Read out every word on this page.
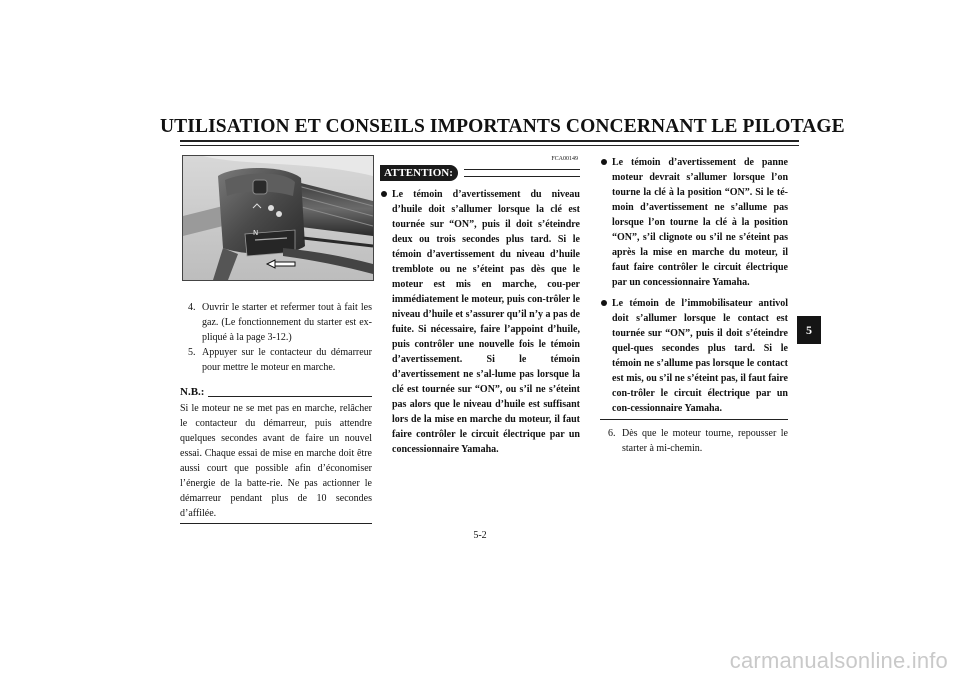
UTILISATION ET CONSEILS IMPORTANTS CONCERNANT LE PILOTAGE
5
N

4. Ouvrir le starter et refermer tout à fait les gaz. (Le fonctionnement du starter est ex-pliqué à la page 3-12.)

5. Appuyer sur le contacteur du démarreur pour mettre le moteur en marche.

N.B.:

Si le moteur ne se met pas en marche, relâcher le contacteur du démarreur, puis attendre quelques secondes avant de faire un nouvel essai. Chaque essai de mise en marche doit être aussi court que possible afin d’économiser l’énergie de la batte-rie. Ne pas actionner le démarreur pendant plus de 10 secondes d’affilée.

FCA00149
ATTENTION:

Le témoin d’avertissement du niveau d’huile doit s’allumer lorsque la clé est tournée sur “ON”, puis il doit s’éteindre deux ou trois secondes plus tard. Si le témoin d’avertissement du niveau d’huile tremblote ou ne s’éteint pas dès que le moteur est mis en marche, cou-per immédiatement le moteur, puis con-trôler le niveau d’huile et s’assurer qu’il n’y a pas de fuite. Si nécessaire, faire l’appoint d’huile, puis contrôler une nouvelle fois le témoin d’avertissement. Si le témoin d’avertissement ne s’al-lume pas lorsque la clé est tournée sur “ON”, ou s’il ne s’éteint pas alors que le niveau d’huile est suffisant lors de la mise en marche du moteur, il faut faire contrôler le circuit électrique par un concessionnaire Yamaha.

Le témoin d’avertissement de panne moteur devrait s’allumer lorsque l’on tourne la clé à la position “ON”. Si le té-moin d’avertissement ne s’allume pas lorsque l’on tourne la clé à la position “ON”, s’il clignote ou s’il ne s’éteint pas après la mise en marche du moteur, il faut faire contrôler le circuit électrique par un concessionnaire Yamaha.

Le témoin de l’immobilisateur antivol doit s’allumer lorsque le contact est tournée sur “ON”, puis il doit s’éteindre quel-ques secondes plus tard. Si le témoin ne s’allume pas lorsque le contact est mis, ou s’il ne s’éteint pas, il faut faire con-trôler le circuit électrique par un con-cessionnaire Yamaha.

6. Dès que le moteur tourne, repousser le starter à mi-chemin.

5-2
carmanualsonline.info
